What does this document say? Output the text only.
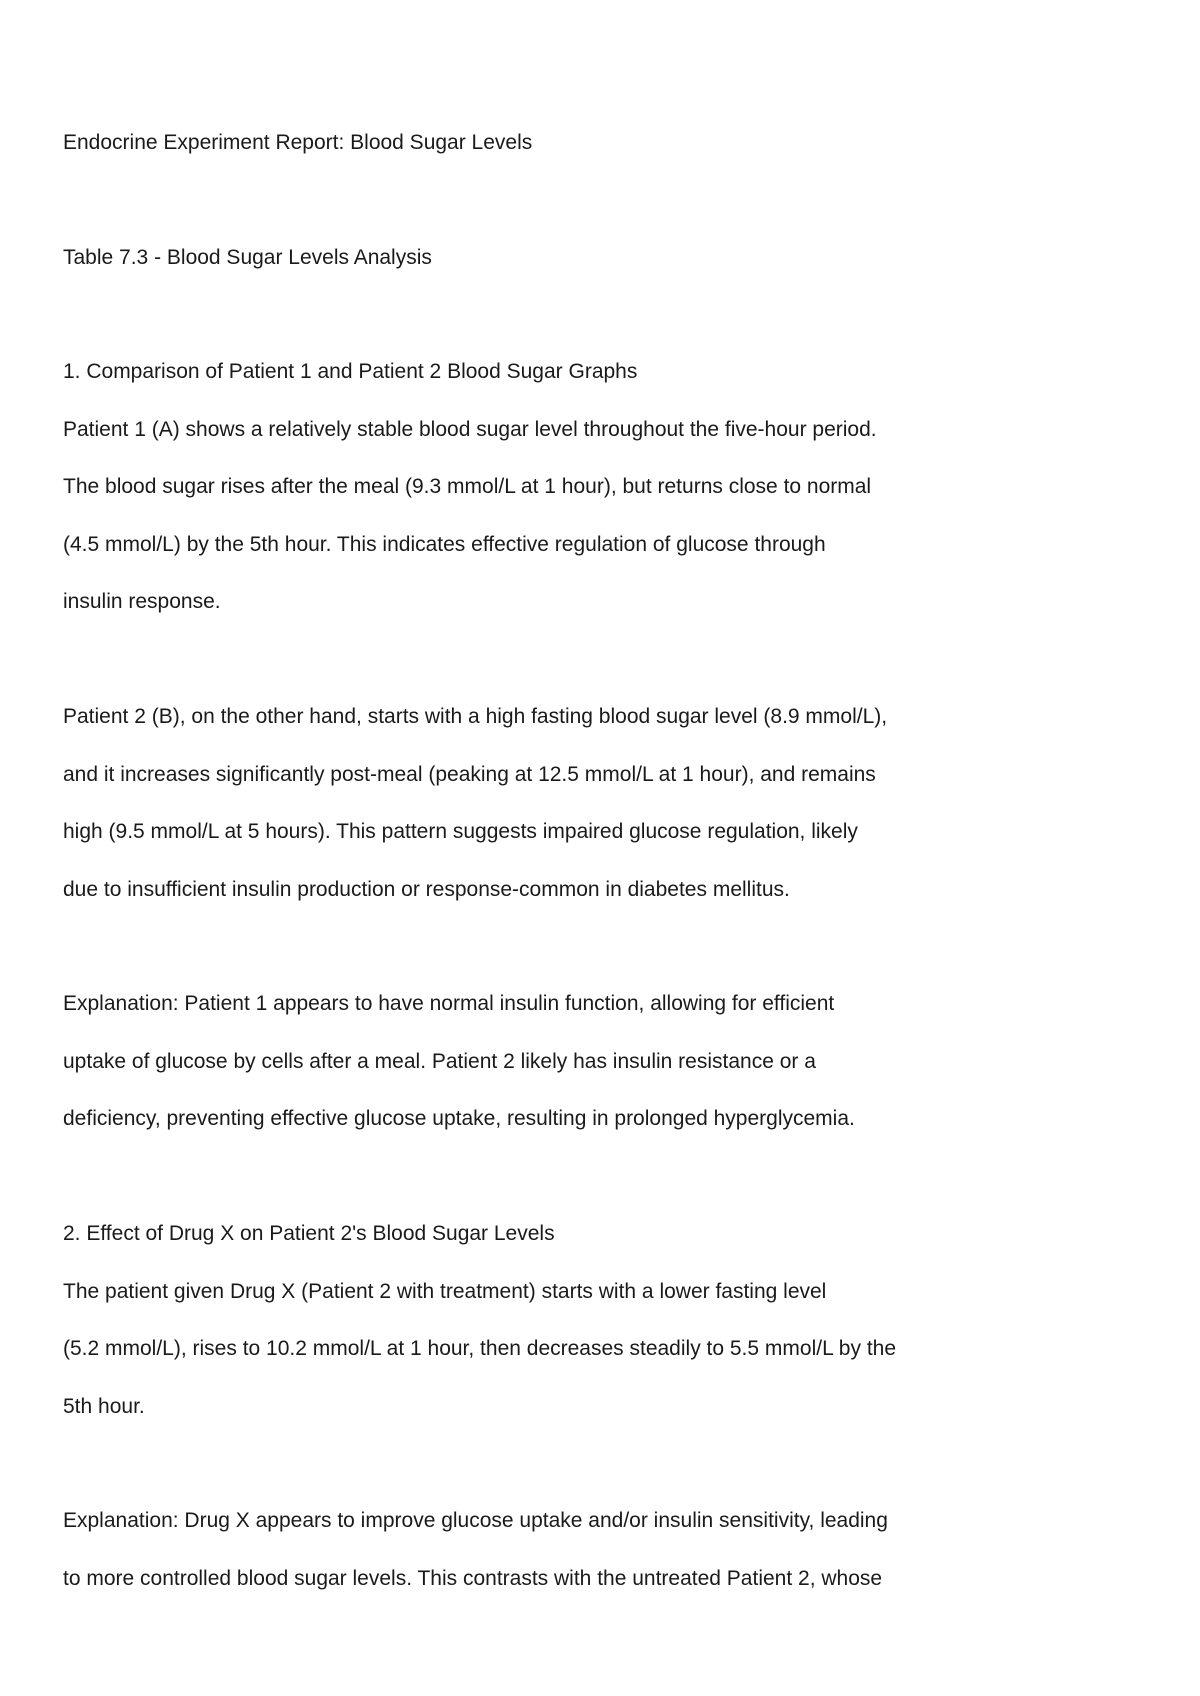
Endocrine Experiment Report: Blood Sugar Levels
Table 7.3 - Blood Sugar Levels Analysis
1. Comparison of Patient 1 and Patient 2 Blood Sugar Graphs
Patient 1 (A) shows a relatively stable blood sugar level throughout the five-hour period.
The blood sugar rises after the meal (9.3 mmol/L at 1 hour), but returns close to normal
(4.5 mmol/L) by the 5th hour. This indicates effective regulation of glucose through
insulin response.
Patient 2 (B), on the other hand, starts with a high fasting blood sugar level (8.9 mmol/L),
and it increases significantly post-meal (peaking at 12.5 mmol/L at 1 hour), and remains
high (9.5 mmol/L at 5 hours). This pattern suggests impaired glucose regulation, likely
due to insufficient insulin production or response-common in diabetes mellitus.
Explanation: Patient 1 appears to have normal insulin function, allowing for efficient
uptake of glucose by cells after a meal. Patient 2 likely has insulin resistance or a
deficiency, preventing effective glucose uptake, resulting in prolonged hyperglycemia.
2. Effect of Drug X on Patient 2's Blood Sugar Levels
The patient given Drug X (Patient 2 with treatment) starts with a lower fasting level
(5.2 mmol/L), rises to 10.2 mmol/L at 1 hour, then decreases steadily to 5.5 mmol/L by the
5th hour.
Explanation: Drug X appears to improve glucose uptake and/or insulin sensitivity, leading
to more controlled blood sugar levels. This contrasts with the untreated Patient 2, whose
